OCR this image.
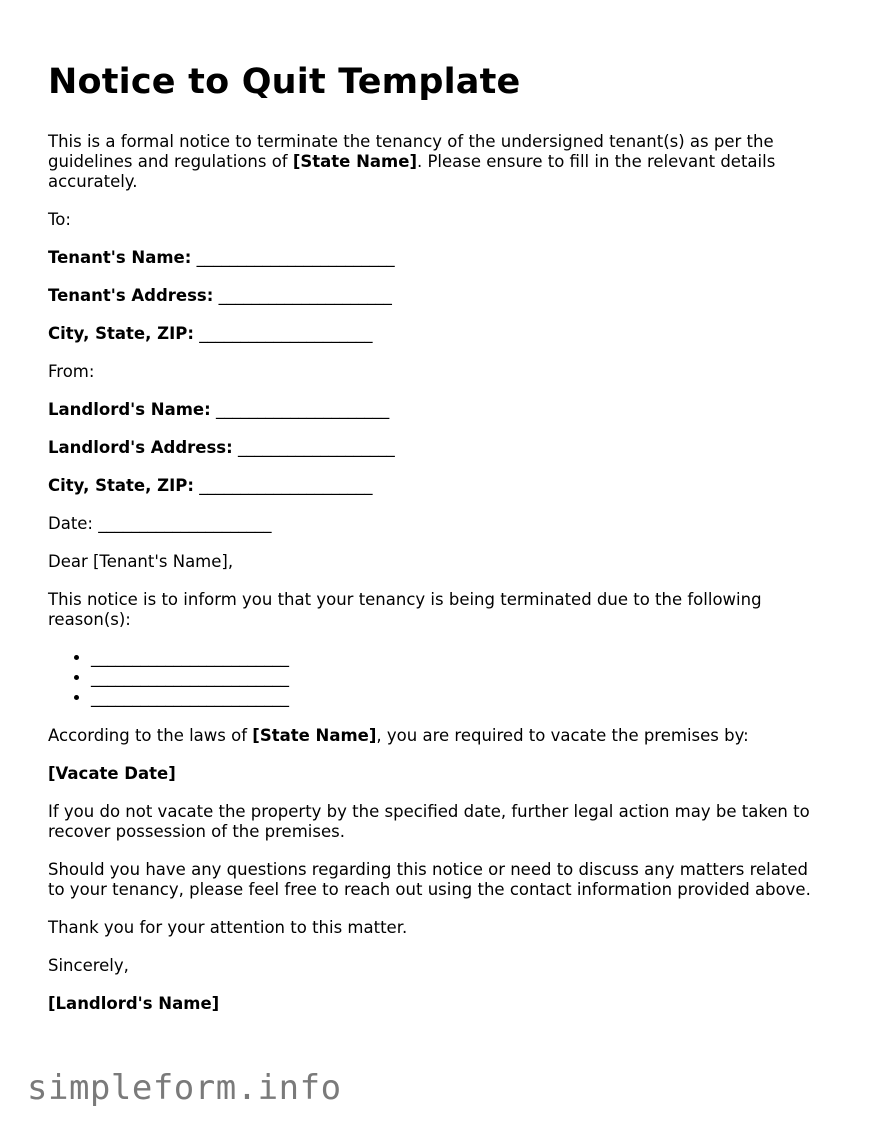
Notice to Quit Template

This is a formal notice to terminate the tenancy of the undersigned tenant(s) as per the guidelines and regulations of [State Name]. Please ensure to fill in the relevant details accurately.

To:

Tenant's Name: ________________________

Tenant's Address: _____________________

City, State, ZIP: _____________________

From:

Landlord's Name: _____________________

Landlord's Address: ___________________

City, State, ZIP: _____________________

Date: _____________________

Dear [Tenant's Name],

This notice is to inform you that your tenancy is being terminated due to the following reason(s):

• ________________________
• ________________________
• ________________________

According to the laws of [State Name], you are required to vacate the premises by:

[Vacate Date]

If you do not vacate the property by the specified date, further legal action may be taken to recover possession of the premises.

Should you have any questions regarding this notice or need to discuss any matters related to your tenancy, please feel free to reach out using the contact information provided above.

Thank you for your attention to this matter.

Sincerely,

[Landlord's Name]

simpleform.info
